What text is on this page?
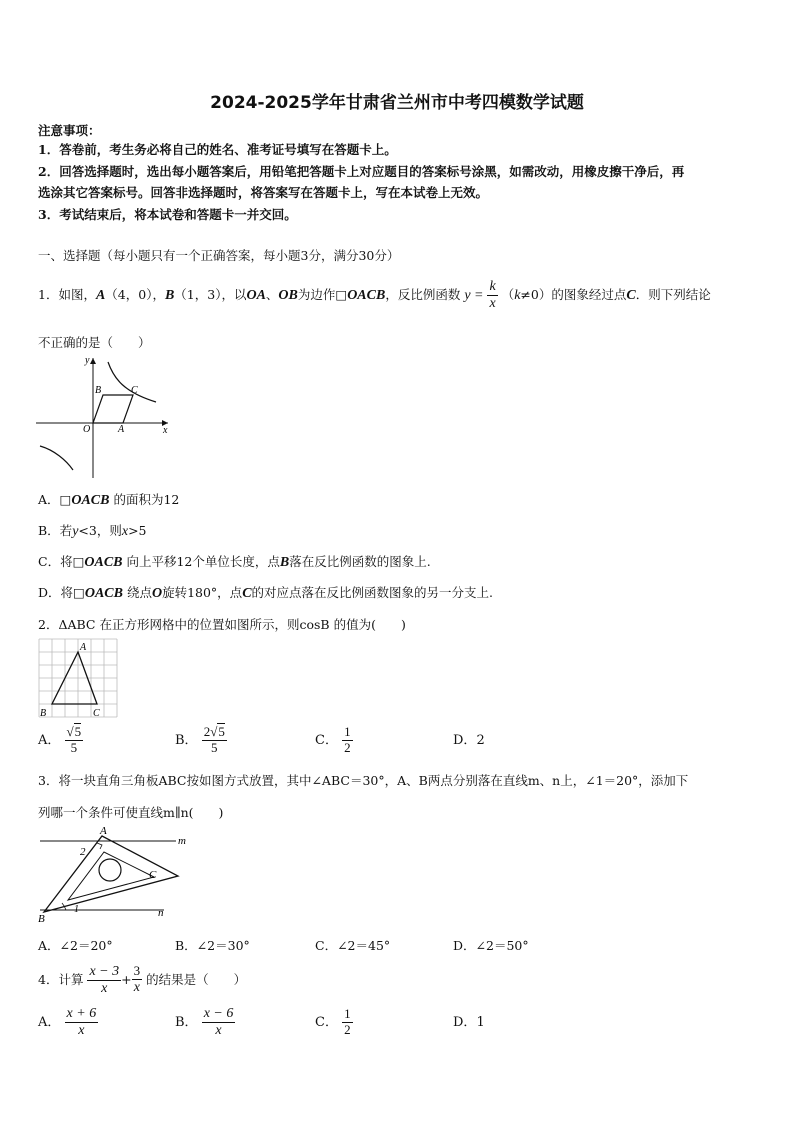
2024-2025学年甘肃省兰州市中考四模数学试题
注意事项：
1．答卷前，考生务必将自己的姓名、准考证号填写在答题卡上。
2．回答选择题时，选出每小题答案后，用铅笔把答题卡上对应题目的答案标号涂黑，如需改动，用橡皮擦干净后，再
选涂其它答案标号。回答非选择题时，将答案写在答题卡上，写在本试卷上无效。
3．考试结束后，将本试卷和答题卡一并交回。
一、选择题（每小题只有一个正确答案，每小题3分，满分30分）
1．如图，A（4，0），B（1，3），以OA、OB为边作□OACB，反比例函数 $y = \frac{k}{x} (k\ne 0)$的图象经过点C．则下列结论
不正确的是（　　）
y
x
O	A
B	C
A．□OACB 的面积为12
B．若y<3，则x>5
C．将□OACB 向上平移12个单位长度，点B落在反比例函数的图象上.
D．将□OACB 绕点O旋转180°，点C的对应点落在反比例函数图象的另一分支上.
2．ΔABC 在正方形网格中的位置如图所示，则cosB 的值为(　　)
A
B	C
A． $\frac{√5}{5}$	B． $\frac{2√5}{5}$	C． $\frac{1}{2}$	D．2
3．将一块直角三角板ABC按如图方式放置，其中∠ABC＝30°，A、B两点分别落在直线m、n上，∠1＝20°，添加下
列哪一个条件可使直线m∥n(　　)
A
B
C
m
n
1
2
A．∠2＝20°	B．∠2＝30°	C．∠2＝45°	D．∠2＝50°
4．计算 $\frac{x - 3}{x} + \frac{3}{x}$ 的结果是（　　）
A． $\frac{x + 6}{x}$	B． $\frac{x - 6}{x}$	C． $\frac{1}{2}$	D．1
